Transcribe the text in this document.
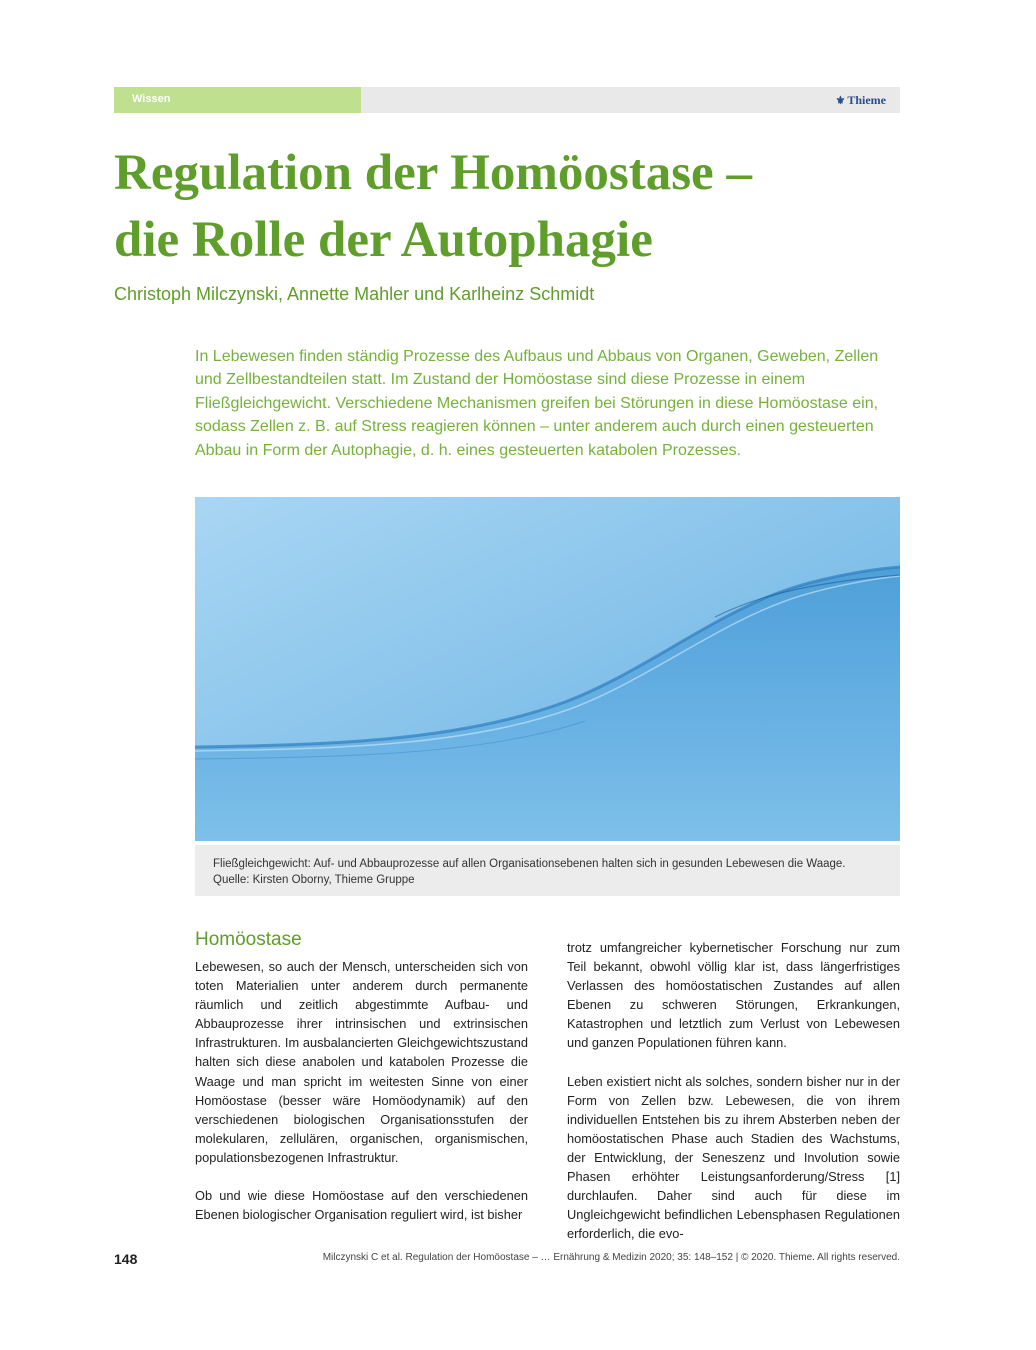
Wissen	⚜ Thieme
Regulation der Homöostase –
die Rolle der Autophagie
Christoph Milczynski, Annette Mahler und Karlheinz Schmidt

In Lebewesen finden ständig Prozesse des Aufbaus und Abbaus von Organen, Geweben, Zellen und Zellbestandteilen statt. Im Zustand der Homöostase sind diese Prozesse in einem Fließgleichgewicht. Verschiedene Mechanismen greifen bei Störungen in diese Homöostase ein, sodass Zellen z. B. auf Stress reagieren können – unter anderem auch durch einen gesteuerten Abbau in Form der Autophagie, d. h. eines gesteuerten katabolen Prozesses.

Fließgleichgewicht: Auf- und Abbauprozesse auf allen Organisationsebenen halten sich in gesunden Lebewesen die Waage.
Quelle: Kirsten Oborny, Thieme Gruppe
Homöostase

Lebewesen, so auch der Mensch, unterscheiden sich von toten Materialien unter anderem durch permanente räumlich und zeitlich abgestimmte Aufbau- und Abbauprozesse ihrer intrinsischen und extrinsischen Infrastrukturen. Im ausbalancierten Gleichgewichtszustand halten sich diese anabolen und katabolen Prozesse die Waage und man spricht im weitesten Sinne von einer Homöostase (besser wäre Homöodynamik) auf den verschiedenen biologischen Organisationsstufen der molekularen, zellulären, organischen, organismischen, populationsbezogenen Infrastruktur.

Ob und wie diese Homöostase auf den verschiedenen Ebenen biologischer Organisation reguliert wird, ist bisher

trotz umfangreicher kybernetischer Forschung nur zum Teil bekannt, obwohl völlig klar ist, dass längerfristiges Verlassen des homöostatischen Zustandes auf allen Ebenen zu schweren Störungen, Erkrankungen, Katastrophen und letztlich zum Verlust von Lebewesen und ganzen Populationen führen kann.

Leben existiert nicht als solches, sondern bisher nur in der Form von Zellen bzw. Lebewesen, die von ihrem individuellen Entstehen bis zu ihrem Absterben neben der homöostatischen Phase auch Stadien des Wachstums, der Entwicklung, der Seneszenz und Involution sowie Phasen erhöhter Leistungsanforderung/Stress [1] durchlaufen. Daher sind auch für diese im Ungleichgewicht befindlichen Lebensphasen Regulationen erforderlich, die evo-

148	Milczynski C et al. Regulation der Homöostase – … Ernährung & Medizin 2020; 35: 148–152 | © 2020. Thieme. All rights reserved.
